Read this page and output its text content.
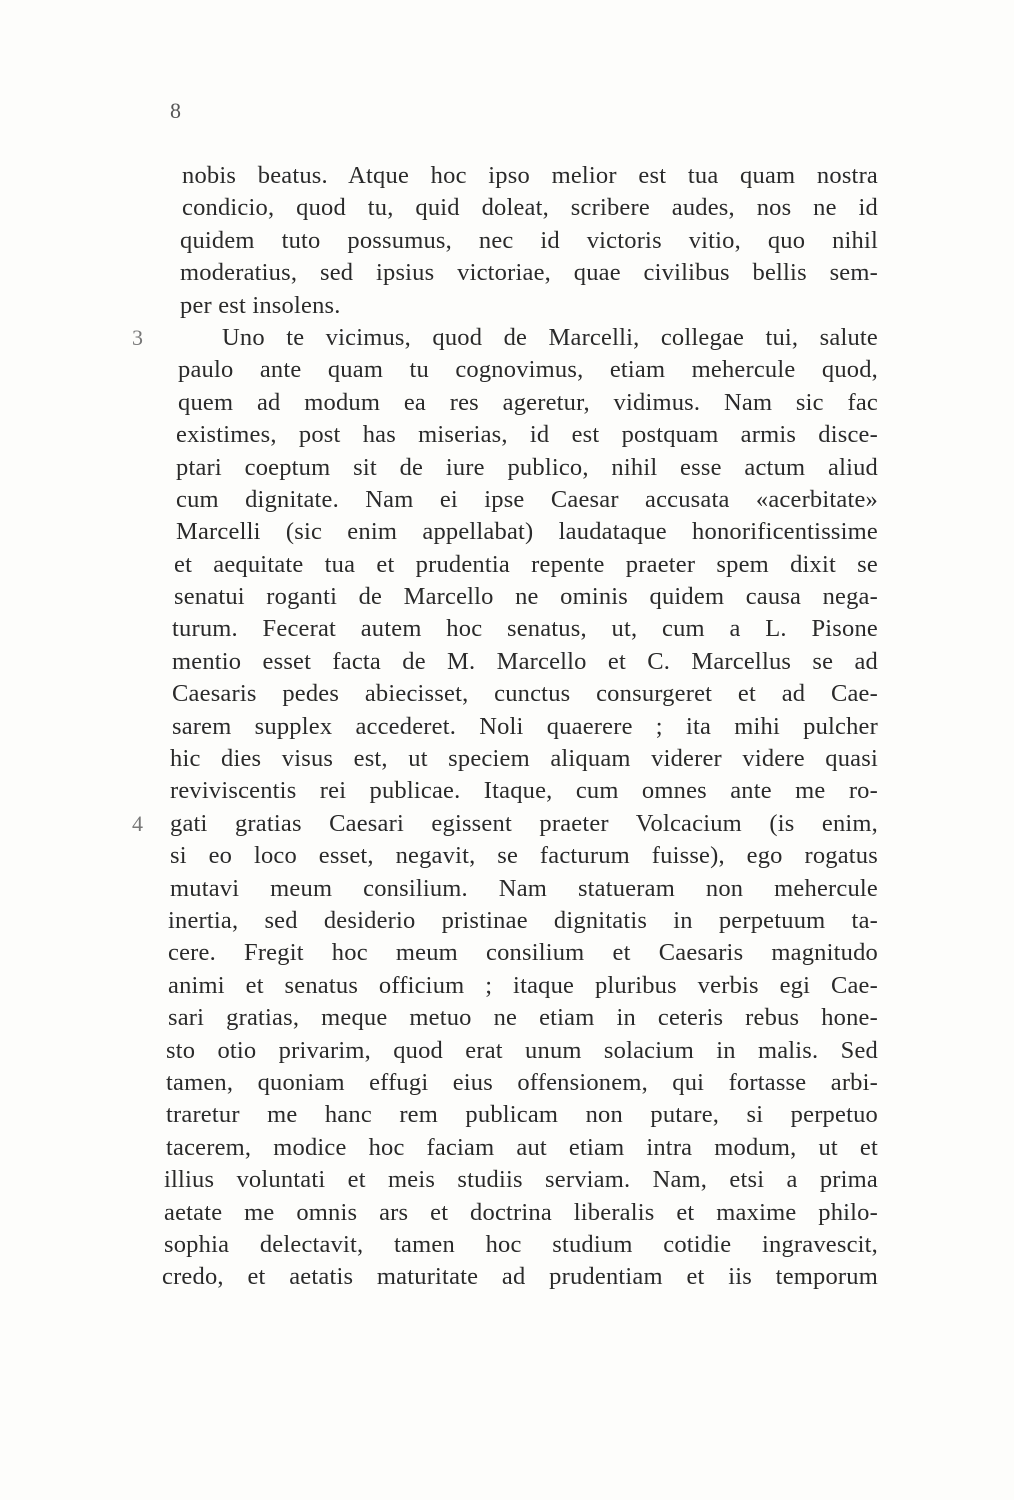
8
nobis beatus. Atque hoc ipso melior est tua quam nostra
condicio, quod tu, quid doleat, scribere audes, nos ne id
quidem tuto possumus, nec id victoris vitio, quo nihil
moderatius, sed ipsius victoriae, quae civilibus bellis sem-
per est insolens.
Uno te vicimus, quod de Marcelli, collegae tui, salute
3
paulo ante quam tu cognovimus, etiam mehercule quod,
quem ad modum ea res ageretur, vidimus. Nam sic fac
existimes, post has miserias, id est postquam armis disce-
ptari coeptum sit de iure publico, nihil esse actum aliud
cum dignitate. Nam ei ipse Caesar accusata «acerbitate»
Marcelli (sic enim appellabat) laudataque honorificentissime
et aequitate tua et prudentia repente praeter spem dixit se
senatui roganti de Marcello ne ominis quidem causa nega-
turum. Fecerat autem hoc senatus, ut, cum a L. Pisone
mentio esset facta de M. Marcello et C. Marcellus se ad
Caesaris pedes abiecisset, cunctus consurgeret et ad Cae-
sarem supplex accederet. Noli quaerere ; ita mihi pulcher
hic dies visus est, ut speciem aliquam viderer videre quasi
reviviscentis rei publicae. Itaque, cum omnes ante me ro-
gati gratias Caesari egissent praeter Volcacium (is enim,
4
si eo loco esset, negavit, se facturum fuisse), ego rogatus
mutavi meum consilium. Nam statueram non mehercule
inertia, sed desiderio pristinae dignitatis in perpetuum ta-
cere. Fregit hoc meum consilium et Caesaris magnitudo
animi et senatus officium ; itaque pluribus verbis egi Cae-
sari gratias, meque metuo ne etiam in ceteris rebus hone-
sto otio privarim, quod erat unum solacium in malis. Sed
tamen, quoniam effugi eius offensionem, qui fortasse arbi-
traretur me hanc rem publicam non putare, si perpetuo
tacerem, modice hoc faciam aut etiam intra modum, ut et
illius voluntati et meis studiis serviam. Nam, etsi a prima
aetate me omnis ars et doctrina liberalis et maxime philo-
sophia delectavit, tamen hoc studium cotidie ingravescit,
credo, et aetatis maturitate ad prudentiam et iis temporum
